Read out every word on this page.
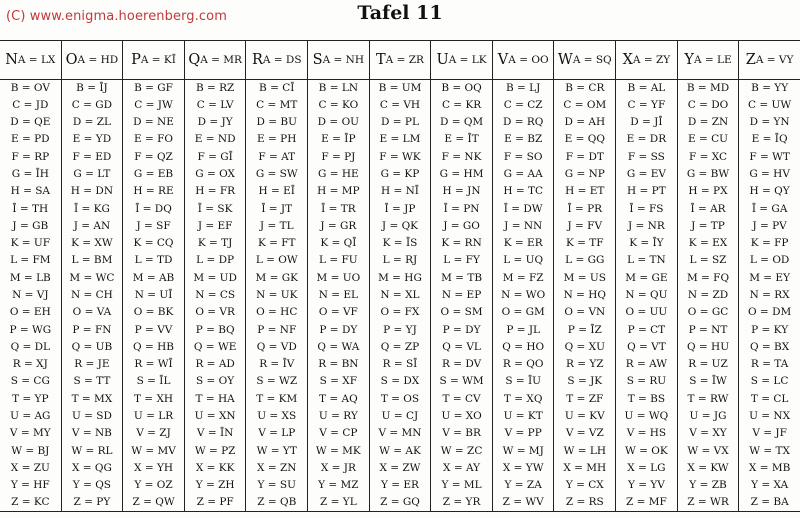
(C) www.enigma.hoerenberg.com	Tafel 11
N A = LX
B = OV
C = JD
D = QE
E = PD
F = RP
G = ĪH
H = SA
Ī = TH
J = GB
K = UF
L = FM
M = LB
N = VJ
O = EH
P = WG
Q = DL
R = XJ
S = CG
T = YP
U = AG
V = MY
W = BJ
X = ZU
Y = HF
Z = KC
O A = HD
B = ĪJ
C = GD
D = ZL
E = YD
F = ED
G = LT
H = DN
Ī = KG
J = AN
K = XW
L = BM
M = WC
N = CH
O = VA
P = FN
Q = UB
R = JE
S = TT
T = MX
U = SD
V = NB
W = RL
X = QG
Y = QS
Z = PY
P A = KĪ
B = GF
C = JW
D = NE
E = FO
F = QZ
G = EB
H = RE
Ī = DQ
J = SF
K = CQ
L = TD
M = AB
N = UĪ
O = BK
P = VV
Q = HB
R = WĪ
S = ĪL
T = XH
U = LR
V = ZJ
W = MV
X = YH
Y = OZ
Z = QW
Q A = MR
B = RZ
C = LV
D = JY
E = ND
F = GĪ
G = OX
H = FR
Ī = SK
J = EF
K = TJ
L = DP
M = UD
N = CS
O = VR
P = BQ
Q = WE
R = AD
S = OY
T = HA
U = XN
V = ĪN
W = PZ
X = KK
Y = ZH
Z = PF
R A = DS
B = CĪ
C = MT
D = BU
E = PH
F = AT
G = SW
H = EĪ
Ī = JT
J = TL
K = FT
L = OW
M = GK
N = UK
O = HC
P = NF
Q = VD
R = ĪV
S = WZ
T = KM
U = XS
V = LP
W = YT
X = ZN
Y = SU
Z = QB
S A = NH
B = LN
C = KO
D = OU
E = ĪP
F = PJ
G = HE
H = MP
Ī = TR
J = GR
K = QĪ
L = FU
M = UO
N = EL
O = VF
P = DY
Q = WA
R = BN
S = XF
T = AQ
U = RY
V = CP
W = MK
X = JR
Y = MZ
Z = YL
T A = ZR
B = UM
C = VH
D = PL
E = LM
F = WK
G = KP
H = NĪ
Ī = JP
J = QK
K = ĪS
L = RJ
M = HG
N = XL
O = FX
P = YJ
Q = ZP
R = SĪ
S = DX
T = OS
U = CJ
V = MN
W = AK
X = ZW
Y = ER
Z = GQ
U A = LK
B = OQ
C = KR
D = QM
E = ĪT
F = NK
G = HM
H = JN
Ī = PN
J = GO
K = RN
L = FY
M = TB
N = EP
O = SM
P = DY
Q = VL
R = DV
S = WM
T = CV
U = XO
V = BR
W = ZC
X = AY
Y = ML
Z = YR
V A = OO
B = LJ
C = CZ
D = RQ
E = BZ
F = SO
G = AA
H = TC
Ī = DW
J = NN
K = ER
L = UQ
M = FZ
N = WO
O = GM
P = JL
Q = HO
R = QO
S = ĪU
T = XQ
U = KT
V = PP
W = MJ
X = YW
Y = ZA
Z = WV
W A = SQ
B = CR
C = OM
D = AH
E = QQ
F = DT
G = NP
H = ET
Ī = PR
J = FV
K = TF
L = GG
M = US
N = HQ
O = VN
P = ĪZ
Q = XU
R = YZ
S = JK
T = ZF
U = KV
V = VZ
W = LH
X = MH
Y = CX
Z = RS
X A = ZY
B = AL
C = YF
D = JĪ
E = DR
F = SS
G = EV
H = PT
Ī = FS
J = NR
K = ĪY
L = TN
M = GE
N = QU
O = UU
P = CT
Q = VT
R = AW
S = RU
T = BS
U = WQ
V = HS
W = OK
X = LG
Y = YV
Z = MF
Y A = LE
B = MD
C = DO
D = ZN
E = CU
F = XC
G = BW
H = PX
Ī = AR
J = TP
K = EX
L = SZ
M = FQ
N = ZD
O = GC
P = NT
Q = HU
R = UZ
S = ĪW
T = RW
U = JG
V = XY
W = VX
X = KW
Y = ZB
Z = WR
Z A = VY
B = YY
C = UW
D = YN
E = ĪQ
F = WT
G = HV
H = QY
Ī = GA
J = PV
K = FP
L = OD
M = EY
N = RX
O = DM
P = KY
Q = BX
R = TA
S = LC
T = CL
U = NX
V = JF
W = TX
X = MB
Y = XA
Z = BA
